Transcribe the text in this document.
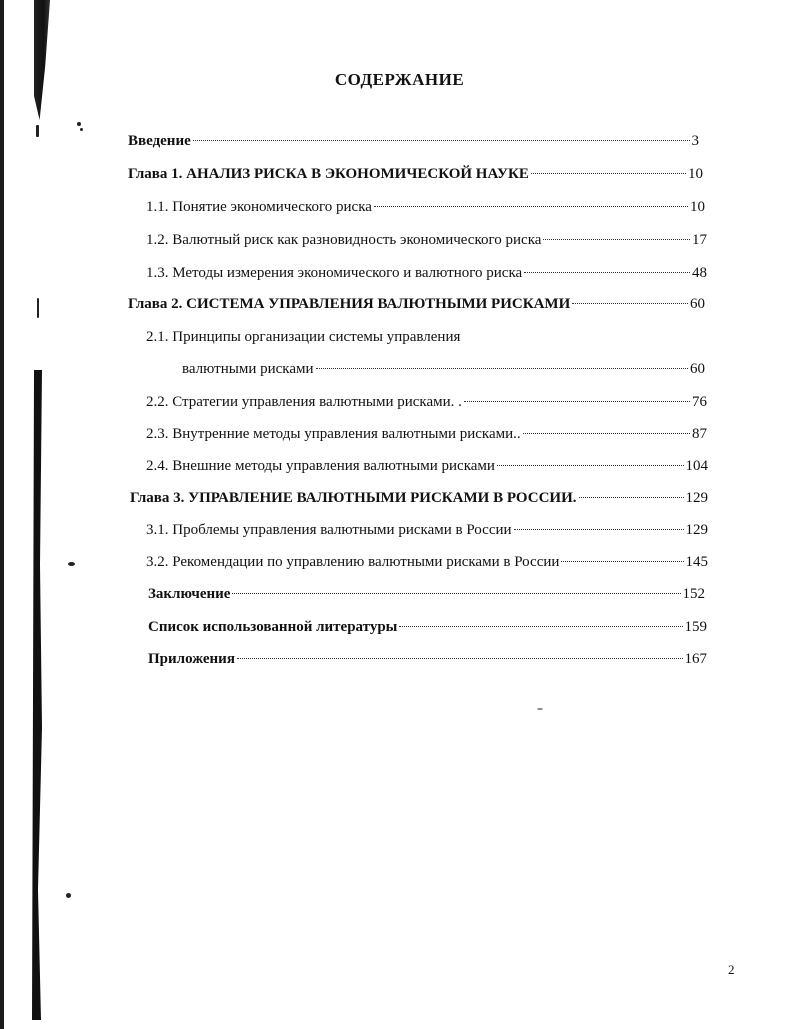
СОДЕРЖАНИЕ
Введение	3
Глава 1. АНАЛИЗ РИСКА В ЭКОНОМИЧЕСКОЙ НАУКЕ	10
1.1. Понятие экономического риска	10
1.2. Валютный риск как разновидность экономического риска	17
1.3. Методы измерения экономического и валютного риска	48
Глава 2. СИСТЕМА УПРАВЛЕНИЯ ВАЛЮТНЫМИ РИСКАМИ	60
2.1. Принципы организации системы управления
валютными рисками	60
2.2. Стратегии управления валютными рисками. .	76
2.3. Внутренние методы управления валютными рисками..	87
2.4. Внешние методы управления валютными рисками	104
Глава 3. УПРАВЛЕНИЕ ВАЛЮТНЫМИ РИСКАМИ В РОССИИ.	129
3.1. Проблемы управления валютными рисками в России	129
3.2. Рекомендации по управлению валютными рисками в России	145
Заключение	152
Список использованной литературы	159
Приложения	167
2
